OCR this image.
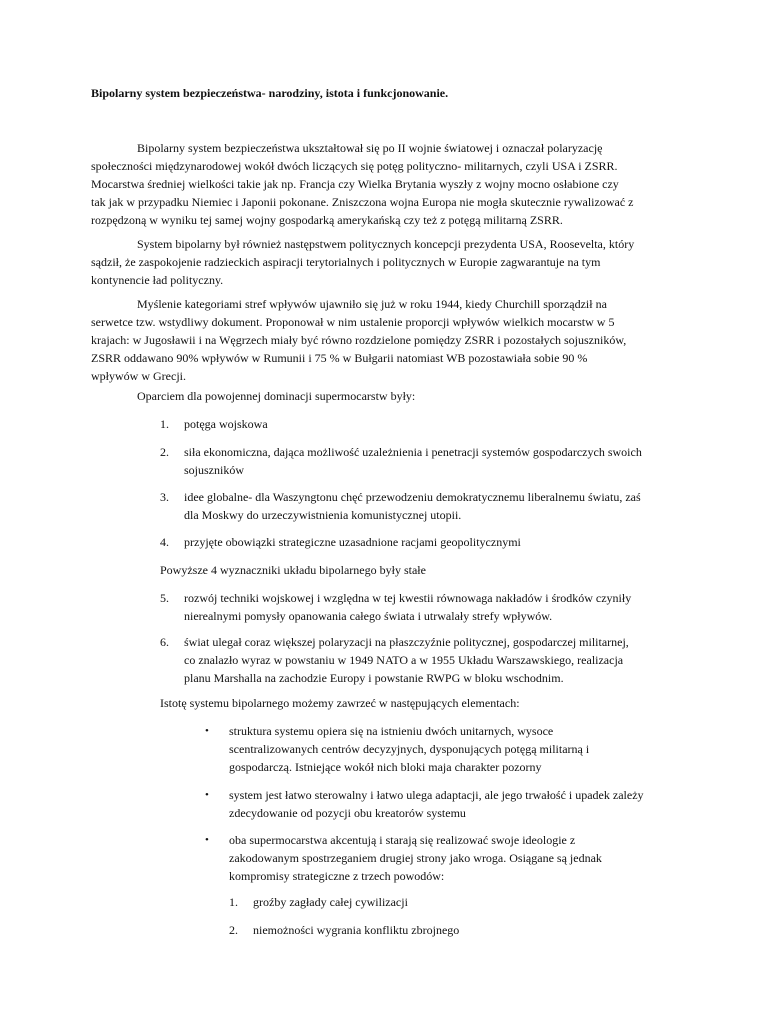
Bipolarny system bezpieczeństwa- narodziny, istota i funkcjonowanie.

Bipolarny system bezpieczeństwa ukształtował się po II wojnie światowej i oznaczał polaryzację
społeczności międzynarodowej wokół dwóch liczących się potęg polityczno- militarnych, czyli USA i ZSRR.
Mocarstwa średniej wielkości takie jak np. Francja czy Wielka Brytania wyszły z wojny mocno osłabione czy
tak jak w przypadku Niemiec i Japonii pokonane. Zniszczona wojna Europa nie mogła skutecznie rywalizować z
rozpędzoną w wyniku tej samej wojny gospodarką amerykańską czy też z potęgą militarną ZSRR.

System bipolarny był również następstwem politycznych koncepcji prezydenta USA, Roosevelta, który
sądził, że zaspokojenie radzieckich aspiracji terytorialnych i politycznych w Europie zagwarantuje na tym
kontynencie ład polityczny.

Myślenie kategoriami stref wpływów ujawniło się już w roku 1944, kiedy Churchill sporządził na
serwetce tzw. wstydliwy dokument. Proponował w nim ustalenie proporcji wpływów wielkich mocarstw w 5
krajach: w Jugosławii i na Węgrzech miały być równo rozdzielone pomiędzy ZSRR i pozostałych sojuszników,
ZSRR oddawano 90% wpływów w Rumunii i 75 % w Bułgarii natomiast WB pozostawiała sobie 90 %
wpływów w Grecji.

Oparciem dla powojennej dominacji supermocarstw były:

1. potęga wojskowa
2. siła ekonomiczna, dająca możliwość uzależnienia i penetracji systemów gospodarczych swoich
sojuszników
3. idee globalne- dla Waszyngtonu chęć przewodzeniu demokratycznemu liberalnemu światu, zaś
dla Moskwy do urzeczywistnienia komunistycznej utopii.
4. przyjęte obowiązki strategiczne uzasadnione racjami geopolitycznymi
Powyższe 4 wyznaczniki układu bipolarnego były stałe
5. rozwój techniki wojskowej i względna w tej kwestii równowaga nakładów i środków czyniły
nierealnymi pomysły opanowania całego świata i utrwalały strefy wpływów.
6. świat ulegał coraz większej polaryzacji na płaszczyźnie politycznej, gospodarczej militarnej,
co znalazło wyraz w powstaniu w 1949 NATO a w 1955 Układu Warszawskiego, realizacja
planu Marshalla na zachodzie Europy i powstanie RWPG w bloku wschodnim.
Istotę systemu bipolarnego możemy zawrzeć w następujących elementach:
• struktura systemu opiera się na istnieniu dwóch unitarnych, wysoce
scentralizowanych centrów decyzyjnych, dysponujących potęgą militarną i
gospodarczą. Istniejące wokół nich bloki maja charakter pozorny
• system jest łatwo sterowalny i łatwo ulega adaptacji, ale jego trwałość i upadek zależy
zdecydowanie od pozycji obu kreatorów systemu
• oba supermocarstwa akcentują i starają się realizować swoje ideologie z
zakodowanym spostrzeganiem drugiej strony jako wroga. Osiągane są jednak
kompromisy strategiczne z trzech powodów:
1. groźby zagłady całej cywilizacji
2. niemożności wygrania konfliktu zbrojnego
